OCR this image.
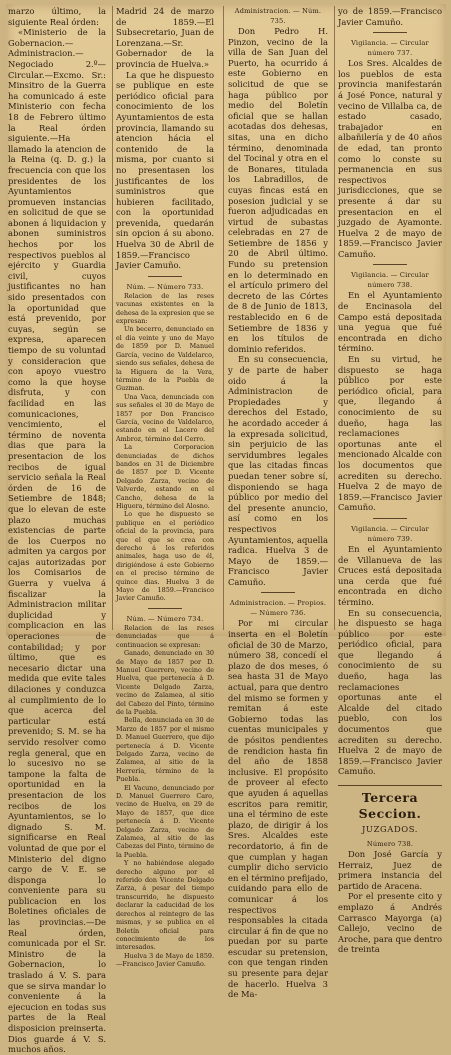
marzo último, la siguiente Real órden:

«Ministerio de la Gobernacion.—Administracion.—Negociado 2.º—Circular.—Excmo. Sr.: Minsitro de la Guerra ha comunicado á este Ministerio con fecha 18 de Febrero último la Real órden siguiente.—Ha llamado la atencion de la Reina (q. D. g.) la frecuencia con que los presidentes de los Ayuntamientos promueven instancias en solicitud de que se abonen á liquidacion y abonen suministros hechos por los respectivos pueblos al ejército y Guardia civil, cuyos justificantes no han sido presentados con la oportunidad que está prevenido, por cuyas, según se expresa, aparecen tiempo de su voluntad y consideracion que con apoyo vuestro como la que hoyse disfruta, y con facilidad en las comunicaciones, vencimiento, el término de noventa dias que para la presentacion de los recibos de igual servicio señala la Real órden de 16 de Setiembre de 1848; que lo elevan de este plazo muchas existencias de parte de los Cuerpos no admiten ya cargos por cajas autorizadas por los Comisarios de Guerra y vuelva á fiscalizar la Administracion militar duplicidad y complicacion en las operaciones de contabilidad; y por último, que es necesario dictar una medida que evite tales dilaciones y conduzca al cumplimiento de lo que acerca del particular está prevenido; S. M. se ha servido resolver como regla general, que en lo sucesivo no se tampone la falta de oportunidad en la presentacion de los recibos de los Ayuntamientos, se lo dignado S. M. significarse en Real voluntad de que por el Ministerio del digno cargo de V. E. se disponga lo conveniente para su publicacion en los Boletines oficiales de las provincias.—De Real órden, comunicada por el Sr. Ministro de la Gobernacion, lo traslado á V. S. para que se sirva mandar lo conveniente á la ejecucion en todas sus partes de la Real disposicion preinserta. Dios guarde á V. S. muchos años.

Madrid 24 de marzo de 1859.—El Subsecretario, Juan de Lorenzana.—Sr. Gobernador de la provincia de Huelva.»

La que he dispuesto se publique en este periódico oficial para conocimiento de los Ayuntamientos de esta provincia, llamando su atencion hácia el contenido de la misma, por cuanto si no presentasen los justificantes de los suministros que hubieren facilitado, con la oportunidad prevenida, quedarán sin opcion á su abono. Huelva 30 de Abril de 1859.—Francisco Javier Camuño.

Núm. — Número 733.

Relacion de las reses vacunas existentes en la dehesa de la expresion que se expresan:

Un becerro, denunciado en el dia veinte y uno de Mayo de 1859 por D. Manuel García, vecino de Valdelarco, siendo sus señales, dehesa de la Higuera de la Vera, término de la Puebla de Guzman.

Una Vaca, denunciada con sus señales el 30 de Mayo de 1857 por Don Francisco García, vecino de Valdelarco, estando en el Lacero del Ambroz, término del Cerro.

La Corporacion denunciadas de dichos bandos en 31 de Diciembre de 1857 por D. Vicente Delgado Zarza, vecino de Valverde, estando en el Cancho, dehesa de la Higuera, término del Alosno.

Lo que he dispuesto se publique en el periódico oficial de la provincia, para que el que se crea con derecho á los referidos animales, haga uso de él, dirigiéndose á este Gobierno en el preciso término de quince dias. Huelva 3 de Mayo de 1859.—Francisco Javier Camuño.

Núm. — Número 734.

Relacion de las reses denunciadas que á continuacion se expresan:

Ganado, denunciado en 30 de Mayo de 1857 por D. Manuel Guerrero, vecino de Huelva, que pertenecía á D. Vicente Delgado Zarza, vecino de Zalamea, al sitio del Cabezo del Pinto, término de la Puebla.

Bella, denunciada en 30 de Marzo de 1857 por el mismo D. Manuel Guerrero, que dijo pertenecía á D. Vicente Delgado Zarza, vecino de Zalamea, al sitio de la Herrería, término de la Puebla.

El Vacuno, denunciado por D. Manuel Guerrero Caro, vecino de Huelva, en 29 de Mayo de 1857, que dice pertenecía á D. Vicente Delgado Zarza, vecino de Zalamea, al sitio de las Cabezas del Pinto, término de la Puebla.

Y no habiéndose alegado derecho alguno por el referido don Vicente Delgado Zarza, á pesar del tiempo transcurrido, he dispuesto declarar la caducidad de los derechos al reintegro de las mismas, y se publica en el Boletín oficial para conocimiento de los interesados.

Huelva 3 de Mayo de 1859.—Francisco Javier Camuño.

Administracion. — Núm. 735.

Don Pedro H. Pinzon, vecino de la villa de San Juan del Puerto, ha ocurrido á este Gobierno en solicitud de que se haga público por medio del Boletín oficial que se hallan acotadas dos dehesas, sitas, una en dicho término, denominada del Tocinal y otra en el de Bonares, titulada los Labradillos, de cuyas fincas está en posesion judicial y se fueron adjudicadas en virtud de subastas celebradas en 27 de Setiembre de 1856 y 20 de Abril último. Fundo su pretension en lo determinado en el artículo primero del decreto de las Córtes de 8 de Junio de 1813, restablecido en 6 de Setiembre de 1836 y en los títulos de dominio referidos.

En su consecuencia, y de parte de haber oido á la Administracion de Propiedades y derechos del Estado, he acordado acceder á la expresada solicitud, sin perjuicio de las servidumbres legales que las citadas fincas puedan tener sobre sí, disponiendo se haga público por medio del del presente anuncio, así como en los respectivos Ayuntamientos, aquella radica. Huelva 3 de Mayo de 1859.—Francisco Javier Camuño.

Administracion. — Propios. — Número 736.

Por mi circular inserta en el Boletín oficial de 30 de Marzo, número 38, concedí el plazo de dos meses, ó sea hasta 31 de Mayo actual, para que dentro del mismo se formen y remitan á este Gobierno todas las cuentas municipales y de pósitos pendientes de rendicion hasta fin del año de 1858 inclusive. El propósito de proveer al efecto que ayuden á aquellas escritos para remitir, una el término de este plazo, de dirigir á los Sres. Alcaldes este recordatorio, á fin de que cumplan y hagan cumplir dicho servicio en el término prefijado, cuidando para ello de comunicar á los respectivos responsables la citada circular á fin de que no puedan por su parte escudar su pretension, con que tengan rinden su presente para dejar de hacerlo. Huelva 3 de Ma-

yo de 1859.—Francisco Javier Camuño.

Vigilancia. — Circular número 737.

Los Sres. Alcaldes de los pueblos de esta provincia manifestarán á José Ponce, natural y vecino de Villalba ca, de estado casado, trabajador en albañilería y de 40 años de edad, tan pronto como lo conste su permanencia en sus respectivos jurisdicciones, que se presente á dar su presentacion en el juzgado de Ayamonte. Huelva 2 de mayo de 1859.—Francisco Javier Camuño.

Vigilancia. — Circular número 738.

En el Ayuntamiento de Encinasola del Campo está depositada una yegua que fué encontrada en dicho término.

En su virtud, he dispuesto se haga público por este periódico oficial, para que, llegando á conocimiento de su dueño, haga las reclamaciones oportunas ante el mencionado Alcalde con los documentos que acrediten su derecho. Huelva 2 de mayo de 1859.—Francisco Javier Camuño.

Vigilancia. — Circular número 739.

En el Ayuntamiento de Villanueva de las Cruces está depositada una cerda que fué encontrada en dicho término.

En su consecuencia, he dispuesto se haga público por este periódico oficial, para que llegando á conocimiento de su dueño, haga las reclamaciones oportunas ante el Alcalde del citado pueblo, con los documentos que acrediten su derecho. Huelva 2 de mayo de 1859.—Francisco Javier Camuño.

Tercera Seccion.
JUZGADOS.

Número 738.

Don José García y Herraiz, Juez de primera instancia del partido de Aracena.

Por el presente cito y emplazo á Andrés Carrasco Mayorga (a) Callejo, vecino de Aroche, para que dentro de treinta
